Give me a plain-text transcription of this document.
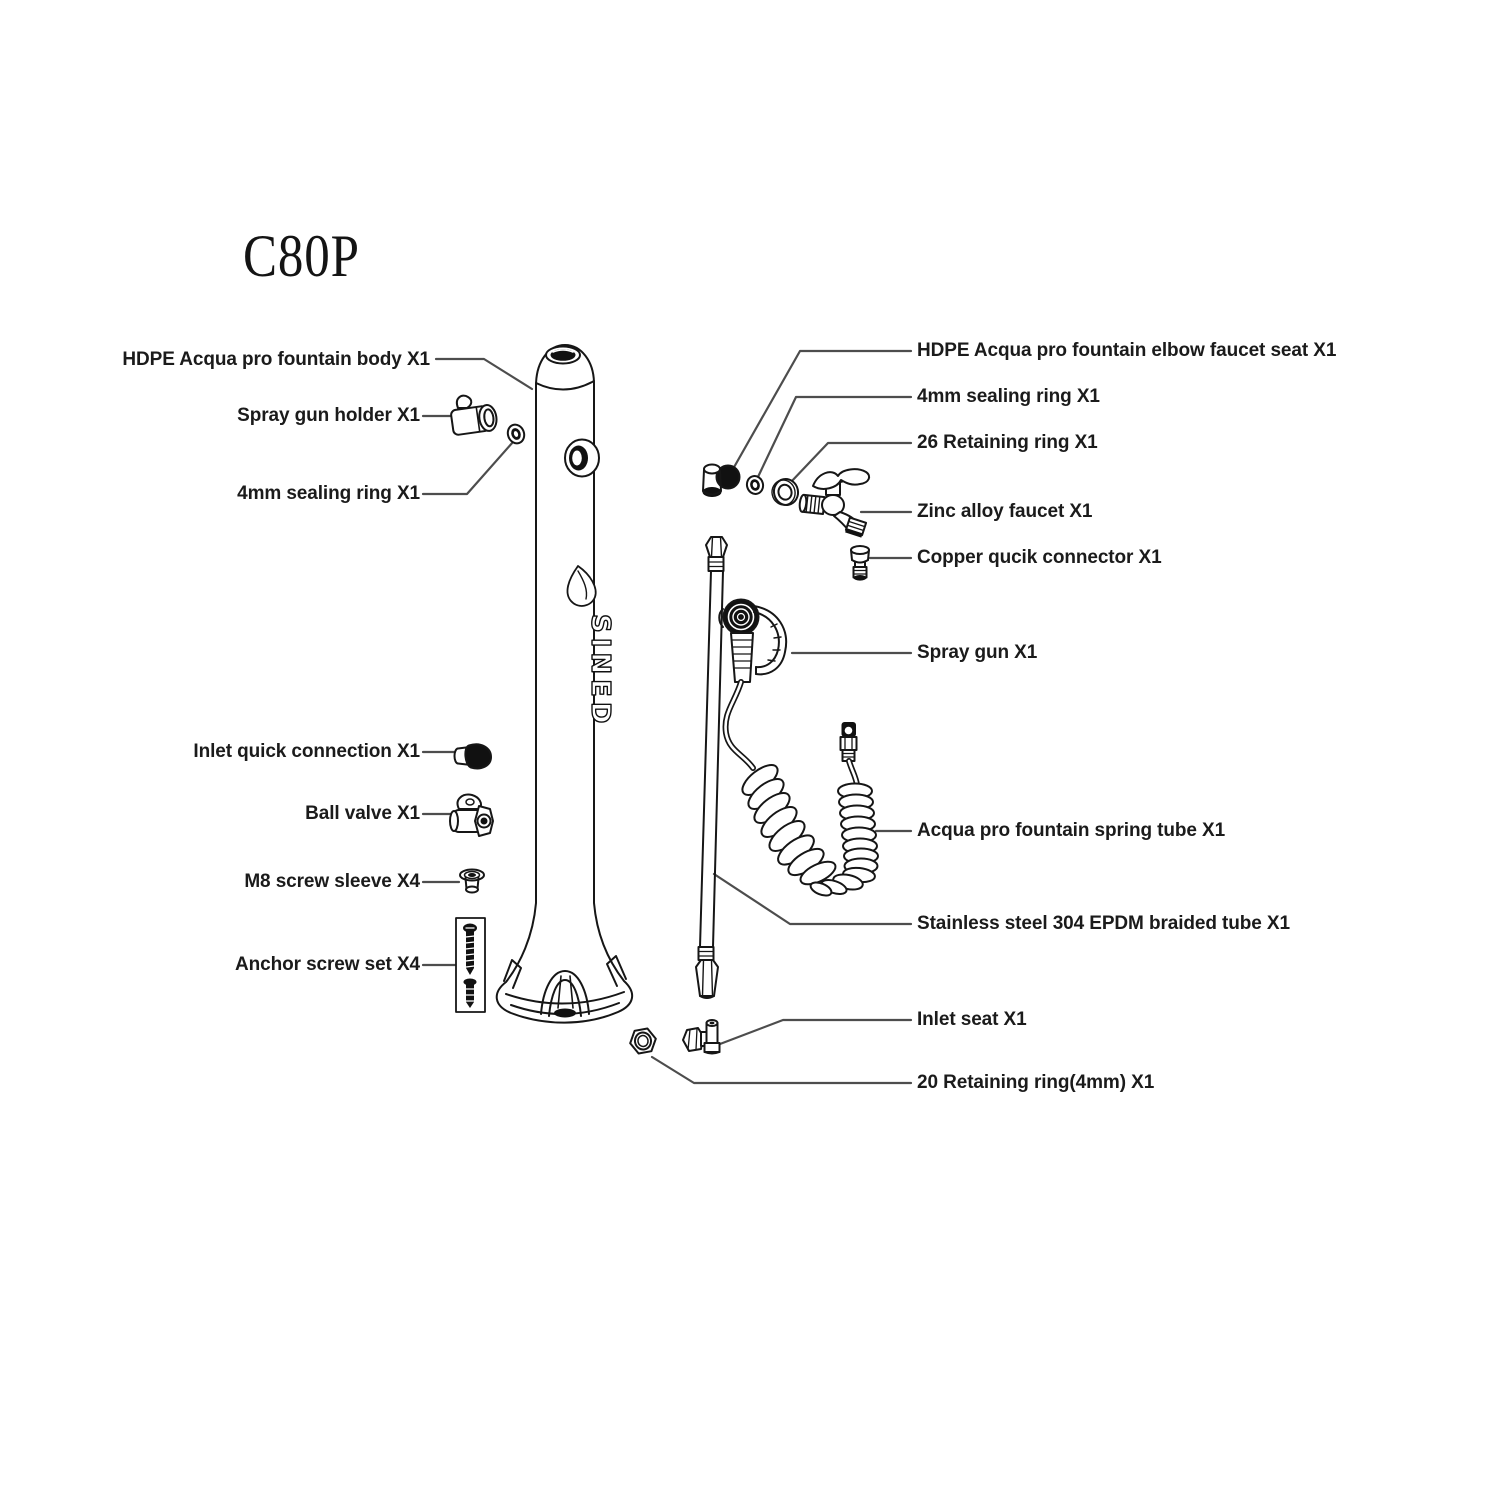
SINED
C80P
HDPE Acqua pro fountain body X1
Spray gun holder X1
4mm sealing ring X1
Inlet quick connection X1
Ball valve X1
M8 screw sleeve X4
Anchor screw set X4
HDPE Acqua pro fountain elbow faucet seat X1
4mm sealing ring X1
26 Retaining ring X1
Zinc alloy faucet X1
Copper qucik connector X1
Spray gun X1
Acqua pro fountain spring tube X1
Stainless steel 304 EPDM braided tube X1
Inlet seat X1
20 Retaining ring(4mm) X1
